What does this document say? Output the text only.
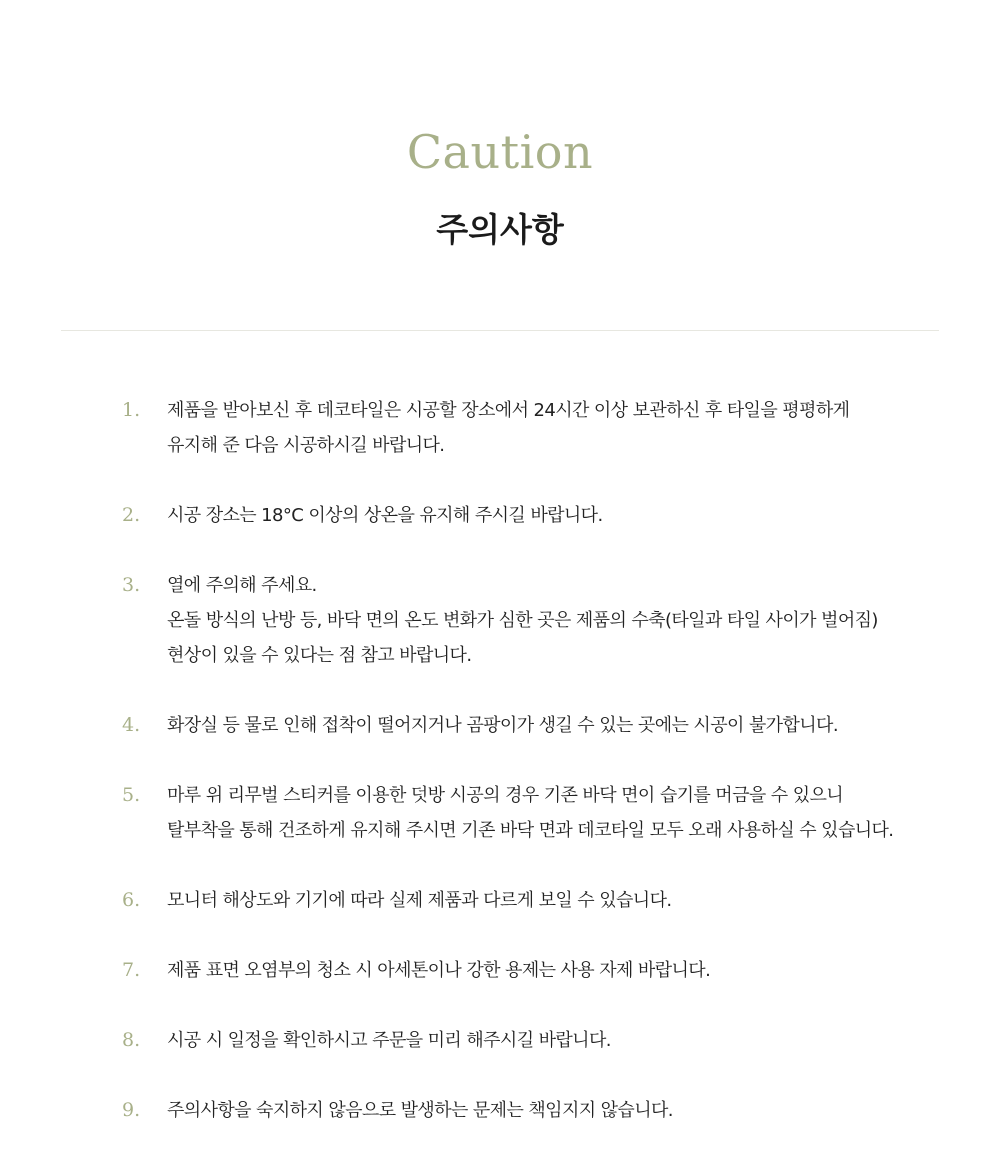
Caution
주의사항
1.	제품을 받아보신 후 데코타일은 시공할 장소에서 24시간 이상 보관하신 후 타일을 평평하게
유지해 준 다음 시공하시길 바랍니다.
2.	시공 장소는 18°C 이상의 상온을 유지해 주시길 바랍니다.
3.	열에 주의해 주세요.
온돌 방식의 난방 등, 바닥 면의 온도 변화가 심한 곳은 제품의 수축(타일과 타일 사이가 벌어짐)
현상이 있을 수 있다는 점 참고 바랍니다.
4.	화장실 등 물로 인해 접착이 떨어지거나 곰팡이가 생길 수 있는 곳에는 시공이 불가합니다.
5.	마루 위 리무벌 스티커를 이용한 덧방 시공의 경우 기존 바닥 면이 습기를 머금을 수 있으니
탈부착을 통해 건조하게 유지해 주시면 기존 바닥 면과 데코타일 모두 오래 사용하실 수 있습니다.
6.	모니터 해상도와 기기에 따라 실제 제품과 다르게 보일 수 있습니다.
7.	제품 표면 오염부의 청소 시 아세톤이나 강한 용제는 사용 자제 바랍니다.
8.	시공 시 일정을 확인하시고 주문을 미리 해주시길 바랍니다.
9.	주의사항을 숙지하지 않음으로 발생하는 문제는 책임지지 않습니다.
